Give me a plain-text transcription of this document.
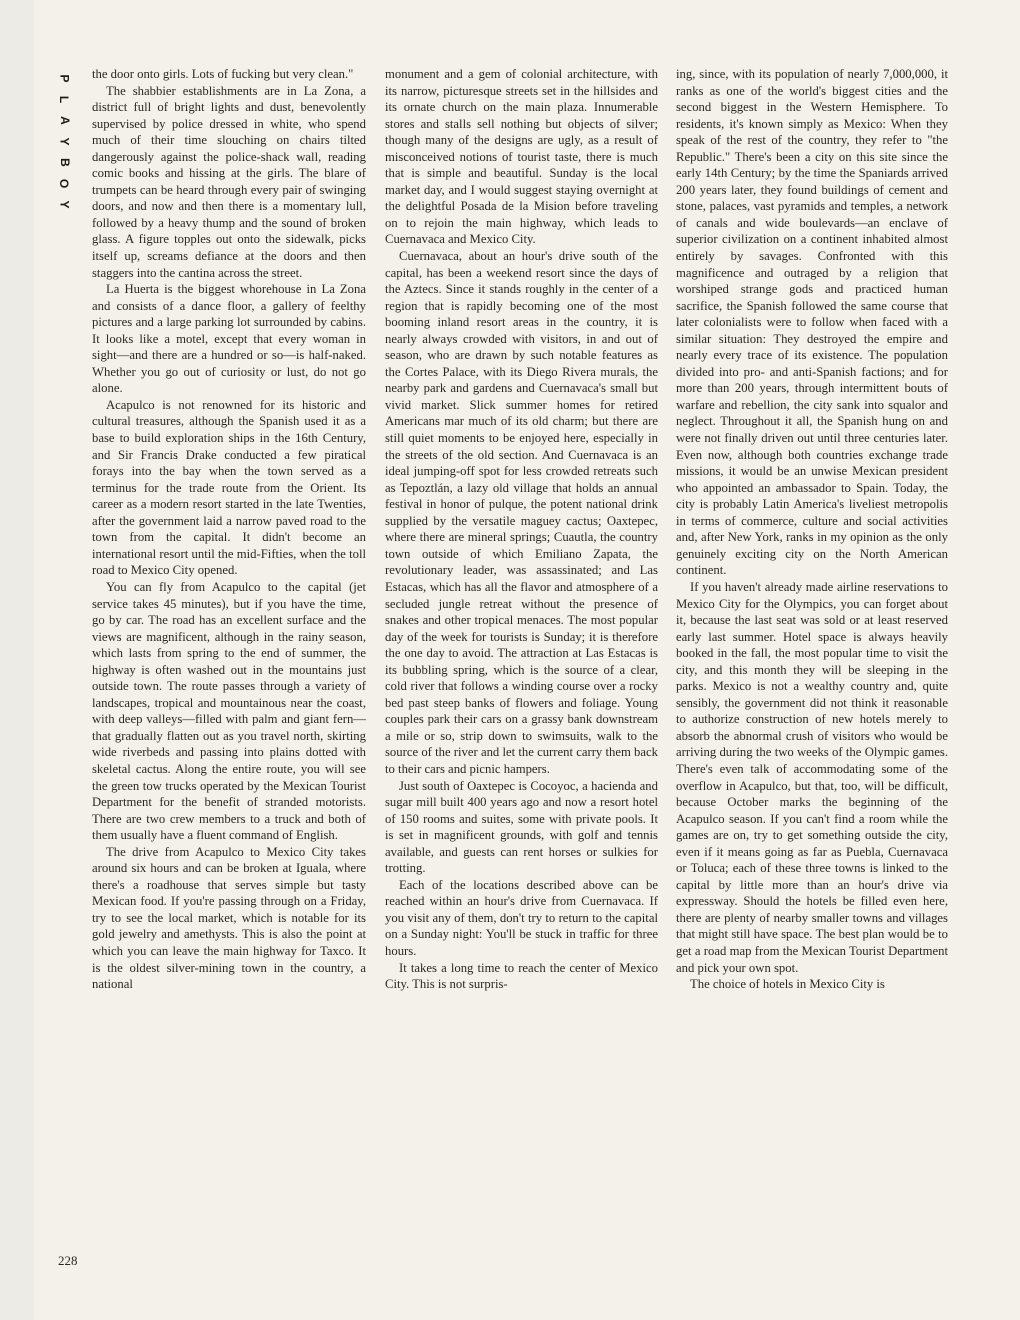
P
L
A
Y
B
O
Y

the door onto girls. Lots of fucking but very clean."

The shabbier establishments are in La Zona, a district full of bright lights and dust, benevolently supervised by police dressed in white, who spend much of their time slouching on chairs tilted dangerously against the police-shack wall, reading comic books and hissing at the girls. The blare of trumpets can be heard through every pair of swinging doors, and now and then there is a momentary lull, followed by a heavy thump and the sound of broken glass. A figure topples out onto the sidewalk, picks itself up, screams defiance at the doors and then staggers into the cantina across the street.

La Huerta is the biggest whorehouse in La Zona and consists of a dance floor, a gallery of feelthy pictures and a large parking lot surrounded by cabins. It looks like a motel, except that every woman in sight—and there are a hundred or so—is half-naked. Whether you go out of curiosity or lust, do not go alone.

Acapulco is not renowned for its historic and cultural treasures, although the Spanish used it as a base to build exploration ships in the 16th Century, and Sir Francis Drake conducted a few piratical forays into the bay when the town served as a terminus for the trade route from the Orient. Its career as a modern resort started in the late Twenties, after the government laid a narrow paved road to the town from the capital. It didn't become an international resort until the mid-Fifties, when the toll road to Mexico City opened.

You can fly from Acapulco to the capital (jet service takes 45 minutes), but if you have the time, go by car. The road has an excellent surface and the views are magnificent, although in the rainy season, which lasts from spring to the end of summer, the highway is often washed out in the mountains just outside town. The route passes through a variety of landscapes, tropical and mountainous near the coast, with deep valleys—filled with palm and giant fern—that gradually flatten out as you travel north, skirting wide riverbeds and passing into plains dotted with skeletal cactus. Along the entire route, you will see the green tow trucks operated by the Mexican Tourist Department for the benefit of stranded motorists. There are two crew members to a truck and both of them usually have a fluent command of English.

The drive from Acapulco to Mexico City takes around six hours and can be broken at Iguala, where there's a roadhouse that serves simple but tasty Mexican food. If you're passing through on a Friday, try to see the local market, which is notable for its gold jewelry and amethysts. This is also the point at which you can leave the main highway for Taxco. It is the oldest silver-mining town in the country, a national

monument and a gem of colonial architecture, with its narrow, picturesque streets set in the hillsides and its ornate church on the main plaza. Innumerable stores and stalls sell nothing but objects of silver; though many of the designs are ugly, as a result of misconceived notions of tourist taste, there is much that is simple and beautiful. Sunday is the local market day, and I would suggest staying overnight at the delightful Posada de la Mision before traveling on to rejoin the main highway, which leads to Cuernavaca and Mexico City.

Cuernavaca, about an hour's drive south of the capital, has been a weekend resort since the days of the Aztecs. Since it stands roughly in the center of a region that is rapidly becoming one of the most booming inland resort areas in the country, it is nearly always crowded with visitors, in and out of season, who are drawn by such notable features as the Cortes Palace, with its Diego Rivera murals, the nearby park and gardens and Cuernavaca's small but vivid market. Slick summer homes for retired Americans mar much of its old charm; but there are still quiet moments to be enjoyed here, especially in the streets of the old section. And Cuernavaca is an ideal jumping-off spot for less crowded retreats such as Tepoztlán, a lazy old village that holds an annual festival in honor of pulque, the potent national drink supplied by the versatile maguey cactus; Oaxtepec, where there are mineral springs; Cuautla, the country town outside of which Emiliano Zapata, the revolutionary leader, was assassinated; and Las Estacas, which has all the flavor and atmosphere of a secluded jungle retreat without the presence of snakes and other tropical menaces. The most popular day of the week for tourists is Sunday; it is therefore the one day to avoid. The attraction at Las Estacas is its bubbling spring, which is the source of a clear, cold river that follows a winding course over a rocky bed past steep banks of flowers and foliage. Young couples park their cars on a grassy bank downstream a mile or so, strip down to swimsuits, walk to the source of the river and let the current carry them back to their cars and picnic hampers.

Just south of Oaxtepec is Cocoyoc, a hacienda and sugar mill built 400 years ago and now a resort hotel of 150 rooms and suites, some with private pools. It is set in magnificent grounds, with golf and tennis available, and guests can rent horses or sulkies for trotting.

Each of the locations described above can be reached within an hour's drive from Cuernavaca. If you visit any of them, don't try to return to the capital on a Sunday night: You'll be stuck in traffic for three hours.

It takes a long time to reach the center of Mexico City. This is not surpris-

ing, since, with its population of nearly 7,000,000, it ranks as one of the world's biggest cities and the second biggest in the Western Hemisphere. To residents, it's known simply as Mexico: When they speak of the rest of the country, they refer to "the Republic." There's been a city on this site since the early 14th Century; by the time the Spaniards arrived 200 years later, they found buildings of cement and stone, palaces, vast pyramids and temples, a network of canals and wide boulevards—an enclave of superior civilization on a continent inhabited almost entirely by savages. Confronted with this magnificence and outraged by a religion that worshiped strange gods and practiced human sacrifice, the Spanish followed the same course that later colonialists were to follow when faced with a similar situation: They destroyed the empire and nearly every trace of its existence. The population divided into pro- and anti-Spanish factions; and for more than 200 years, through intermittent bouts of warfare and rebellion, the city sank into squalor and neglect. Throughout it all, the Spanish hung on and were not finally driven out until three centuries later. Even now, although both countries exchange trade missions, it would be an unwise Mexican president who appointed an ambassador to Spain. Today, the city is probably Latin America's liveliest metropolis in terms of commerce, culture and social activities and, after New York, ranks in my opinion as the only genuinely exciting city on the North American continent.

If you haven't already made airline reservations to Mexico City for the Olympics, you can forget about it, because the last seat was sold or at least reserved early last summer. Hotel space is always heavily booked in the fall, the most popular time to visit the city, and this month they will be sleeping in the parks. Mexico is not a wealthy country and, quite sensibly, the government did not think it reasonable to authorize construction of new hotels merely to absorb the abnormal crush of visitors who would be arriving during the two weeks of the Olympic games. There's even talk of accommodating some of the overflow in Acapulco, but that, too, will be difficult, because October marks the beginning of the Acapulco season. If you can't find a room while the games are on, try to get something outside the city, even if it means going as far as Puebla, Cuernavaca or Toluca; each of these three towns is linked to the capital by little more than an hour's drive via expressway. Should the hotels be filled even here, there are plenty of nearby smaller towns and villages that might still have space. The best plan would be to get a road map from the Mexican Tourist Department and pick your own spot.

The choice of hotels in Mexico City is

228
